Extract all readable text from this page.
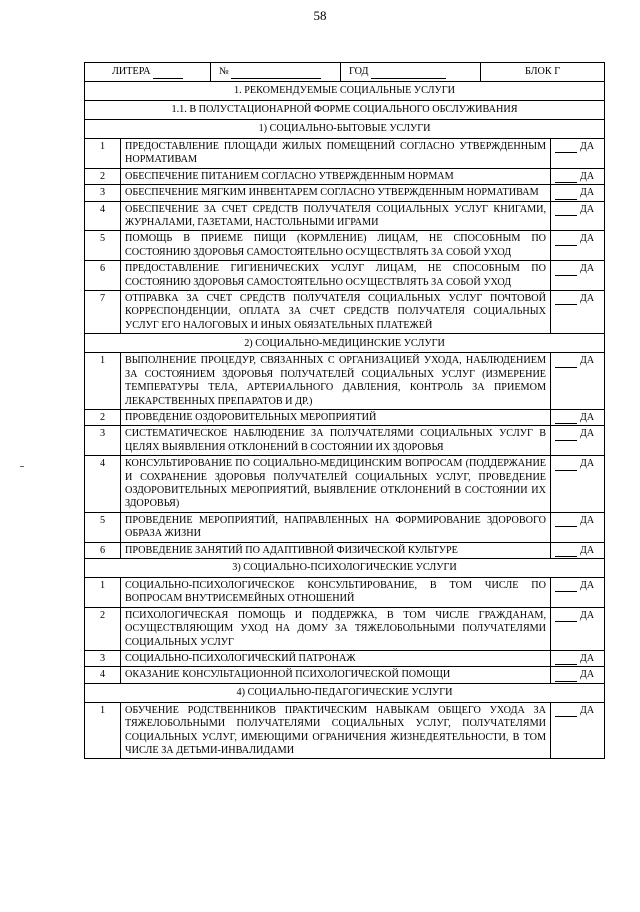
58
ЛИТЕРА		№	ГОД	БЛОК Г	
1. РЕКОМЕНДУЕМЫЕ СОЦИАЛЬНЫЕ УСЛУГИ					
1.1. В ПОЛУСТАЦИОНАРНОЙ ФОРМЕ СОЦИАЛЬНОГО ОБСЛУЖИВАНИЯ					
1) СОЦИАЛЬНО-БЫТОВЫЕ УСЛУГИ					
1	ПРЕДОСТАВЛЕНИЕ ПЛОЩАДИ ЖИЛЫХ ПОМЕЩЕНИЙ СОГЛАСНО УТВЕРЖДЕННЫМ НОРМАТИВАМ				ДА
2	ОБЕСПЕЧЕНИЕ ПИТАНИЕМ СОГЛАСНО УТВЕРЖДЕННЫМ НОРМАМ				ДА
3	ОБЕСПЕЧЕНИЕ МЯГКИМ ИНВЕНТАРЕМ СОГЛАСНО УТВЕРЖДЕННЫМ НОРМАТИВАМ				ДА
4	ОБЕСПЕЧЕНИЕ ЗА СЧЕТ СРЕДСТВ ПОЛУЧАТЕЛЯ СОЦИАЛЬНЫХ УСЛУГ КНИГАМИ, ЖУРНАЛАМИ, ГАЗЕТАМИ, НАСТОЛЬНЫМИ ИГРАМИ				ДА
5	ПОМОЩЬ В ПРИЕМЕ ПИЩИ (КОРМЛЕНИЕ) ЛИЦАМ, НЕ СПОСОБНЫМ ПО СОСТОЯНИЮ ЗДОРОВЬЯ САМОСТОЯТЕЛЬНО ОСУЩЕСТВЛЯТЬ ЗА СОБОЙ УХОД				ДА
6	ПРЕДОСТАВЛЕНИЕ ГИГИЕНИЧЕСКИХ УСЛУГ ЛИЦАМ, НЕ СПОСОБНЫМ ПО СОСТОЯНИЮ ЗДОРОВЬЯ САМОСТОЯТЕЛЬНО ОСУЩЕСТВЛЯТЬ ЗА СОБОЙ УХОД				ДА
7	ОТПРАВКА ЗА СЧЕТ СРЕДСТВ ПОЛУЧАТЕЛЯ СОЦИАЛЬНЫХ УСЛУГ ПОЧТОВОЙ КОРРЕСПОНДЕНЦИИ, ОПЛАТА ЗА СЧЕТ СРЕДСТВ ПОЛУЧАТЕЛЯ СОЦИАЛЬНЫХ УСЛУГ ЕГО НАЛОГОВЫХ И ИНЫХ ОБЯЗАТЕЛЬНЫХ ПЛАТЕЖЕЙ				ДА
2) СОЦИАЛЬНО-МЕДИЦИНСКИЕ УСЛУГИ					
1	ВЫПОЛНЕНИЕ ПРОЦЕДУР, СВЯЗАННЫХ С ОРГАНИЗАЦИЕЙ УХОДА, НАБЛЮДЕНИЕМ ЗА СОСТОЯНИЕМ ЗДОРОВЬЯ ПОЛУЧАТЕЛЕЙ СОЦИАЛЬНЫХ УСЛУГ (ИЗМЕРЕНИЕ ТЕМПЕРАТУРЫ ТЕЛА, АРТЕРИАЛЬНОГО ДАВЛЕНИЯ, КОНТРОЛЬ ЗА ПРИЕМОМ ЛЕКАРСТВЕННЫХ ПРЕПАРАТОВ И ДР.)				ДА
2	ПРОВЕДЕНИЕ ОЗДОРОВИТЕЛЬНЫХ МЕРОПРИЯТИЙ				ДА
3	СИСТЕМАТИЧЕСКОЕ НАБЛЮДЕНИЕ ЗА ПОЛУЧАТЕЛЯМИ СОЦИАЛЬНЫХ УСЛУГ В ЦЕЛЯХ ВЫЯВЛЕНИЯ ОТКЛОНЕНИЙ В СОСТОЯНИИ ИХ ЗДОРОВЬЯ				ДА
4	КОНСУЛЬТИРОВАНИЕ ПО СОЦИАЛЬНО-МЕДИЦИНСКИМ ВОПРОСАМ (ПОДДЕРЖАНИЕ И СОХРАНЕНИЕ ЗДОРОВЬЯ ПОЛУЧАТЕЛЕЙ СОЦИАЛЬНЫХ УСЛУГ, ПРОВЕДЕНИЕ ОЗДОРОВИТЕЛЬНЫХ МЕРОПРИЯТИЙ, ВЫЯВЛЕНИЕ ОТКЛОНЕНИЙ В СОСТОЯНИИ ИХ ЗДОРОВЬЯ)				ДА
5	ПРОВЕДЕНИЕ МЕРОПРИЯТИЙ, НАПРАВЛЕННЫХ НА ФОРМИРОВАНИЕ ЗДОРОВОГО ОБРАЗА ЖИЗНИ				ДА
6	ПРОВЕДЕНИЕ ЗАНЯТИЙ ПО АДАПТИВНОЙ ФИЗИЧЕСКОЙ КУЛЬТУРЕ				ДА
3) СОЦИАЛЬНО-ПСИХОЛОГИЧЕСКИЕ УСЛУГИ					
1	СОЦИАЛЬНО-ПСИХОЛОГИЧЕСКОЕ КОНСУЛЬТИРОВАНИЕ, В ТОМ ЧИСЛЕ ПО ВОПРОСАМ ВНУТРИСЕМЕЙНЫХ ОТНОШЕНИЙ				ДА
2	ПСИХОЛОГИЧЕСКАЯ ПОМОЩЬ И ПОДДЕРЖКА, В ТОМ ЧИСЛЕ ГРАЖДАНАМ, ОСУЩЕСТВЛЯЮЩИМ УХОД НА ДОМУ ЗА ТЯЖЕЛОБОЛЬНЫМИ ПОЛУЧАТЕЛЯМИ СОЦИАЛЬНЫХ УСЛУГ				ДА
3	СОЦИАЛЬНО-ПСИХОЛОГИЧЕСКИЙ ПАТРОНАЖ				ДА
4	ОКАЗАНИЕ КОНСУЛЬТАЦИОННОЙ ПСИХОЛОГИЧЕСКОЙ ПОМОЩИ				ДА
4) СОЦИАЛЬНО-ПЕДАГОГИЧЕСКИЕ УСЛУГИ					
1	ОБУЧЕНИЕ РОДСТВЕННИКОВ ПРАКТИЧЕСКИМ НАВЫКАМ ОБЩЕГО УХОДА ЗА ТЯЖЕЛОБОЛЬНЫМИ ПОЛУЧАТЕЛЯМИ СОЦИАЛЬНЫХ УСЛУГ, ПОЛУЧАТЕЛЯМИ СОЦИАЛЬНЫХ УСЛУГ, ИМЕЮЩИМИ ОГРАНИЧЕНИЯ ЖИЗНЕДЕЯТЕЛЬНОСТИ, В ТОМ ЧИСЛЕ ЗА ДЕТЬМИ-ИНВАЛИДАМИ				ДА
